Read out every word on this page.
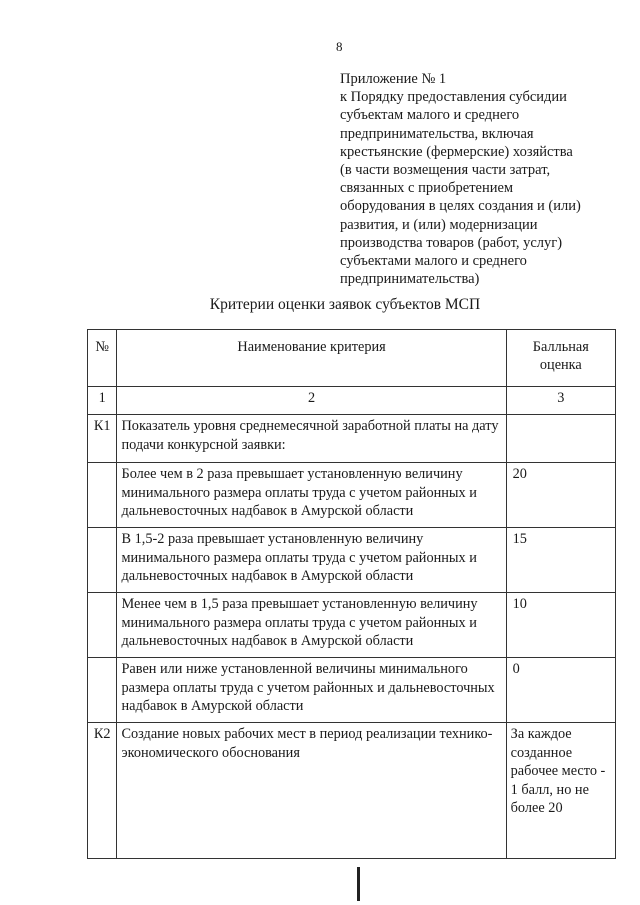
8
Приложение № 1
к Порядку предоставления субсидии
субъектам малого и среднего
предпринимательства, включая
крестьянские (фермерские) хозяйства
(в части возмещения части затрат,
связанных с приобретением
оборудования в целях создания и (или)
развития, и (или) модернизации
производства товаров (работ, услуг)
субъектами малого и среднего
предпринимательства)
Критерии оценки заявок субъектов МСП
№	Наименование критерия	Балльная оценка
1	2	3
К1	Показатель уровня среднемесячной заработной платы на дату подачи конкурсной заявки:	
	Более чем в 2 раза превышает установленную величину минимального размера оплаты труда с учетом районных и дальневосточных надбавок в Амурской области	20
	В 1,5-2 раза превышает установленную величину минимального размера оплаты труда с учетом районных и дальневосточных надбавок в Амурской области	15
	Менее чем в 1,5 раза превышает установленную величину минимального размера оплаты труда с учетом районных и дальневосточных надбавок в Амурской области	10
	Равен или ниже установленной величины минимального размера оплаты труда с учетом районных и дальневосточных надбавок в Амурской области	0
К2	Создание новых рабочих мест в период реализации технико-экономического обоснования	За каждое созданное рабочее место - 1 балл, но не более 20
